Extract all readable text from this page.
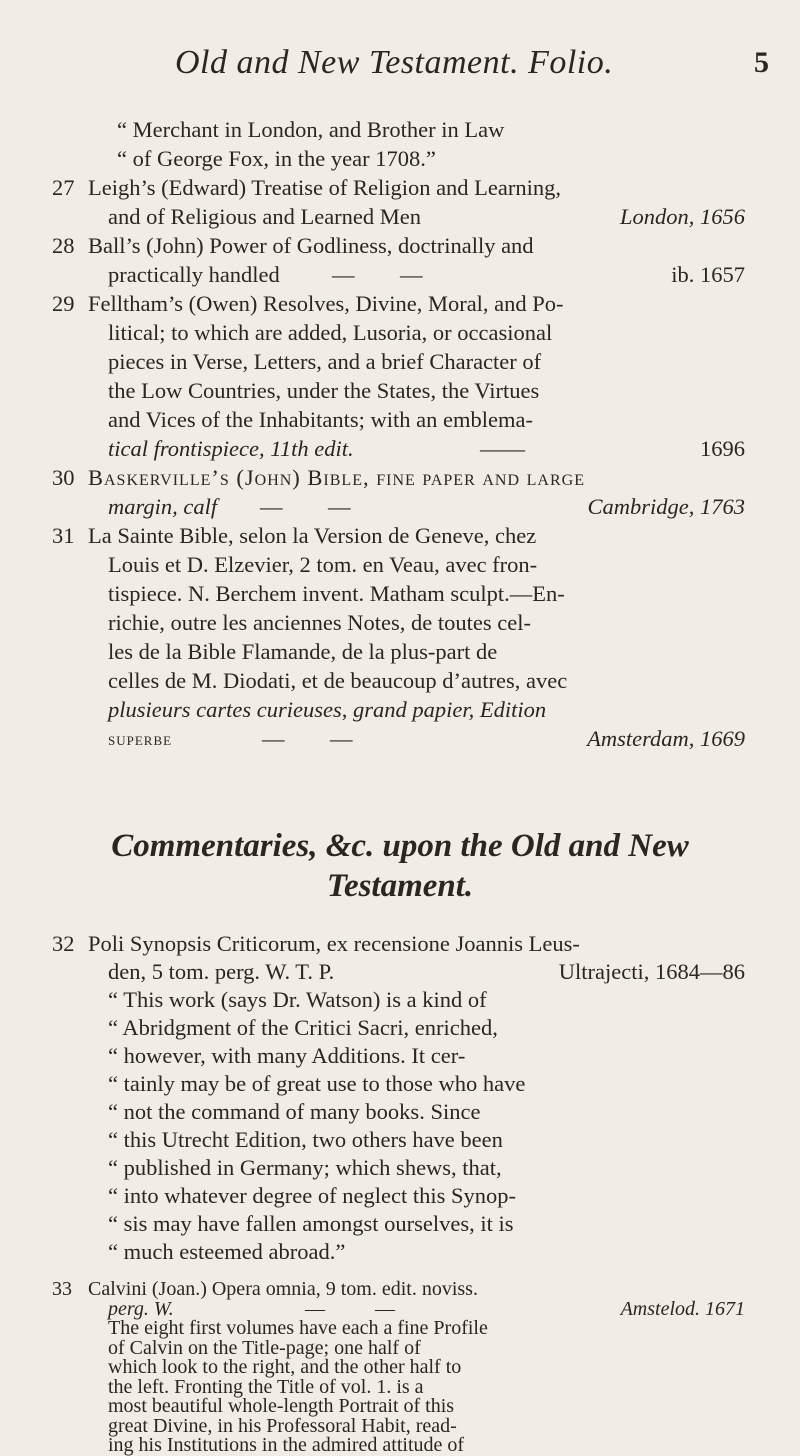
Old and New Testament. Folio.	5
“ Merchant in London, and Brother in Law
“ of George Fox, in the year 1708.”
27 Leigh’s (Edward) Treatise of Religion and Learning,
and of Religious and Learned Men	London, 1656
28 Ball’s (John) Power of Godliness, doctrinally and
practically handled — —	ib. 1657
29 Felltham’s (Owen) Resolves, Divine, Moral, and Po-
litical; to which are added, Lusoria, or occasional
pieces in Verse, Letters, and a brief Character of
the Low Countries, under the States, the Virtues
and Vices of the Inhabitants; with an emblema-
tical frontispiece, 11th edit.	——	1696
30 Baskerville’s (John) Bible, fine paper and large
margin, calf — —	Cambridge, 1763
31 La Sainte Bible, selon la Version de Geneve, chez
Louis et D. Elzevier, 2 tom. en Veau, avec fron-
tispiece. N. Berchem invent. Matham sculpt.—En-
richie, outre les anciennes Notes, de toutes cel-
les de la Bible Flamande, de la plus-part de
celles de M. Diodati, et de beaucoup d’autres, avec
plusieurs cartes curieuses, grand papier, Edition
superbe	— —	Amsterdam, 1669
Commentaries, &c. upon the Old and New
Testament.
32 Poli Synopsis Criticorum, ex recensione Joannis Leus-
den, 5 tom. perg. W. T. P.	Ultrajecti, 1684—86
“ This work (says Dr. Watson) is a kind of
“ Abridgment of the Critici Sacri, enriched,
“ however, with many Additions. It cer-
“ tainly may be of great use to those who have
“ not the command of many books. Since
“ this Utrecht Edition, two others have been
“ published in Germany; which shews, that,
“ into whatever degree of neglect this Synop-
“ sis may have fallen amongst ourselves, it is
“ much esteemed abroad.”
33 Calvini (Joan.) Opera omnia, 9 tom. edit. noviss.
perg. W.	—	—	Amstelod. 1671
The eight first volumes have each a fine Profile
of Calvin on the Title-page; one half of
which look to the right, and the other half to
the left. Fronting the Title of vol. 1. is a
most beautiful whole-length Portrait of this
great Divine, in his Professoral Habit, read-
ing his Institutions in the admired attitude of
